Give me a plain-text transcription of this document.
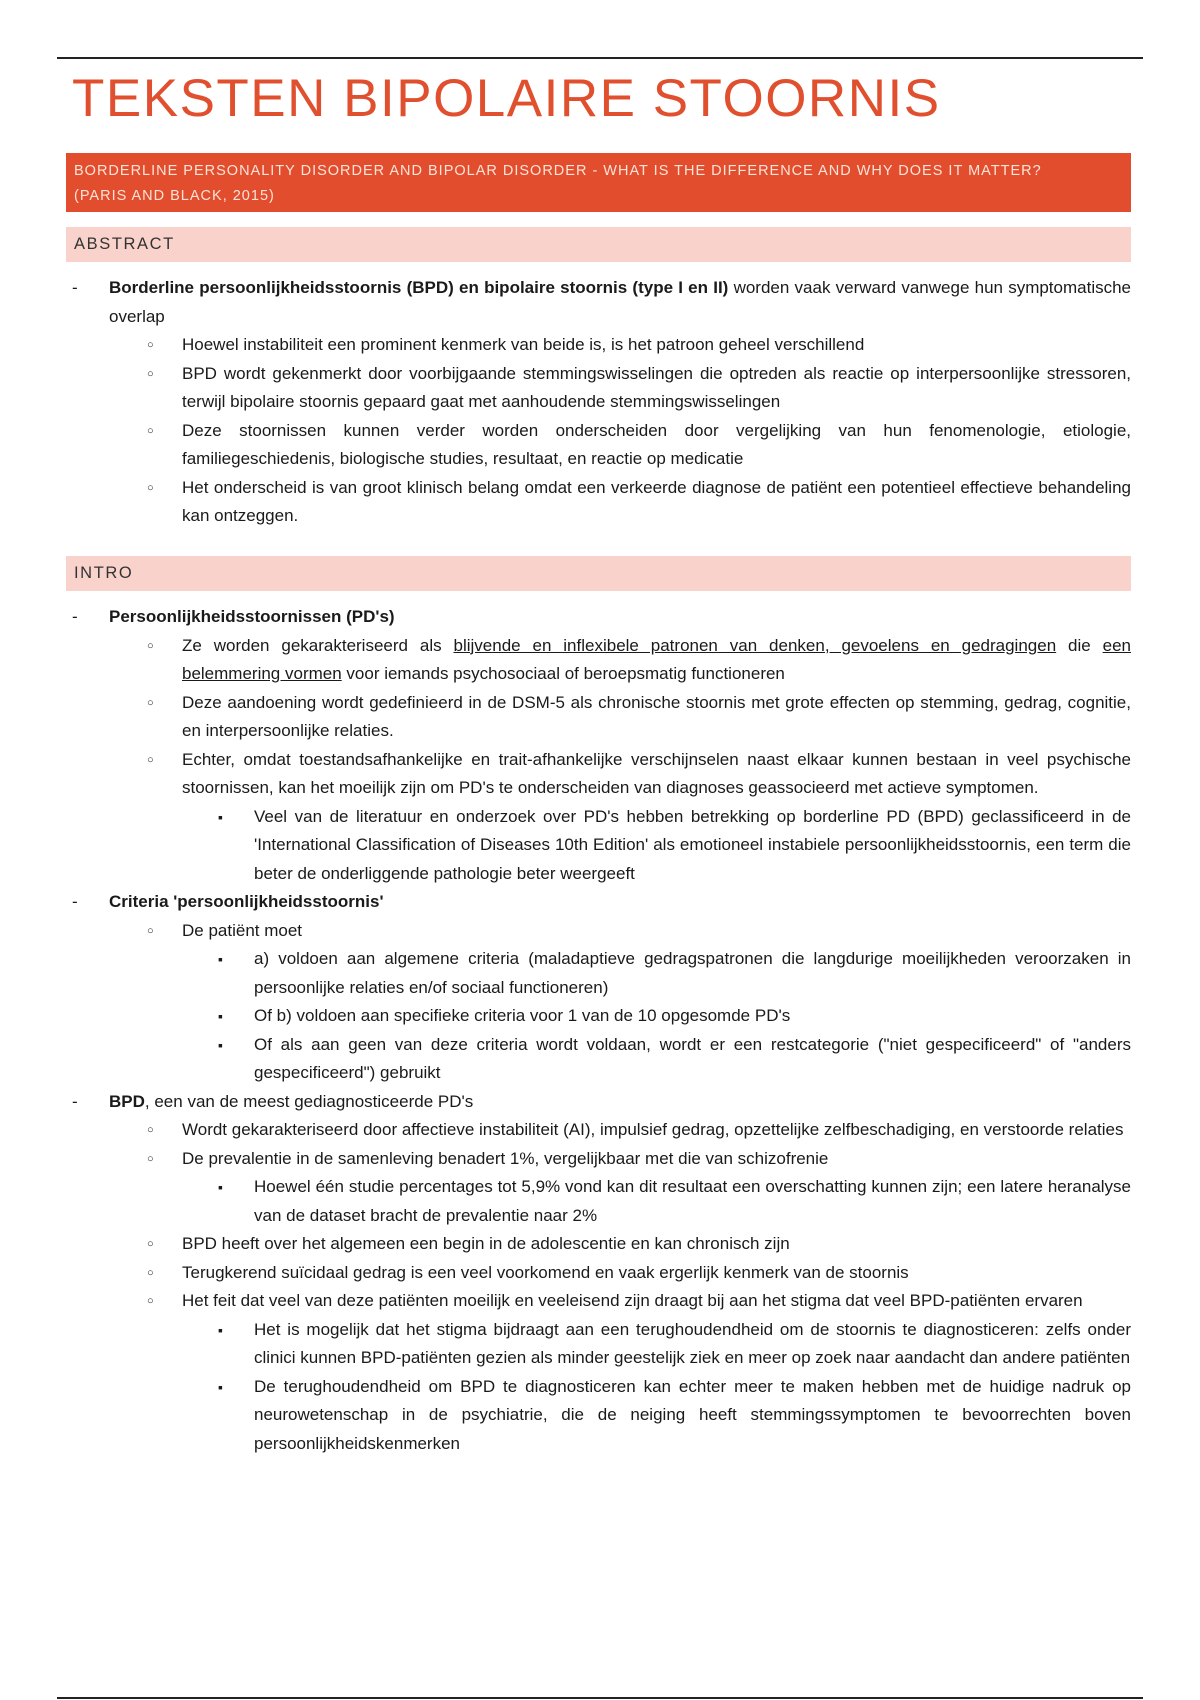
TEKSTEN BIPOLAIRE STOORNIS
BORDERLINE PERSONALITY DISORDER AND BIPOLAR DISORDER - WHAT IS THE DIFFERENCE AND WHY DOES IT MATTER?
(PARIS AND BLACK, 2015)
ABSTRACT
- Borderline persoonlijkheidsstoornis (BPD) en bipolaire stoornis (type I en II) worden vaak verward vanwege hun symptomatische overlap
○ Hoewel instabiliteit een prominent kenmerk van beide is, is het patroon geheel verschillend
○ BPD wordt gekenmerkt door voorbijgaande stemmingswisselingen die optreden als reactie op interpersoonlijke stressoren, terwijl bipolaire stoornis gepaard gaat met aanhoudende stemmingswisselingen
○ Deze stoornissen kunnen verder worden onderscheiden door vergelijking van hun fenomenologie, etiologie, familiegeschiedenis, biologische studies, resultaat, en reactie op medicatie
○ Het onderscheid is van groot klinisch belang omdat een verkeerde diagnose de patiënt een potentieel effectieve behandeling kan ontzeggen.
INTRO
- Persoonlijkheidsstoornissen (PD's)
○ Ze worden gekarakteriseerd als blijvende en inflexibele patronen van denken, gevoelens en gedragingen die een belemmering vormen voor iemands psychosociaal of beroepsmatig functioneren
○ Deze aandoening wordt gedefinieerd in de DSM-5 als chronische stoornis met grote effecten op stemming, gedrag, cognitie, en interpersoonlijke relaties.
○ Echter, omdat toestandsafhankelijke en trait-afhankelijke verschijnselen naast elkaar kunnen bestaan in veel psychische stoornissen, kan het moeilijk zijn om PD's te onderscheiden van diagnoses geassocieerd met actieve symptomen.
▪ Veel van de literatuur en onderzoek over PD's hebben betrekking op borderline PD (BPD) geclassificeerd in de 'International Classification of Diseases 10th Edition' als emotioneel instabiele persoonlijkheidsstoornis, een term die beter de onderliggende pathologie beter weergeeft
- Criteria 'persoonlijkheidsstoornis'
○ De patiënt moet
▪ a) voldoen aan algemene criteria (maladaptieve gedragspatronen die langdurige moeilijkheden veroorzaken in persoonlijke relaties en/of sociaal functioneren)
▪ Of b) voldoen aan specifieke criteria voor 1 van de 10 opgesomde PD's
▪ Of als aan geen van deze criteria wordt voldaan, wordt er een restcategorie ("niet gespecificeerd" of "anders gespecificeerd") gebruikt
- BPD, een van de meest gediagnosticeerde PD's
○ Wordt gekarakteriseerd door affectieve instabiliteit (AI), impulsief gedrag, opzettelijke zelfbeschadiging, en verstoorde relaties
○ De prevalentie in de samenleving benadert 1%, vergelijkbaar met die van schizofrenie
▪ Hoewel één studie percentages tot 5,9% vond kan dit resultaat een overschatting kunnen zijn; een latere heranalyse van de dataset bracht de prevalentie naar 2%
○ BPD heeft over het algemeen een begin in de adolescentie en kan chronisch zijn
○ Terugkerend suïcidaal gedrag is een veel voorkomend en vaak ergerlijk kenmerk van de stoornis
○ Het feit dat veel van deze patiënten moeilijk en veeleisend zijn draagt bij aan het stigma dat veel BPD-patiënten ervaren
▪ Het is mogelijk dat het stigma bijdraagt aan een terughoudendheid om de stoornis te diagnosticeren: zelfs onder clinici kunnen BPD-patiënten gezien als minder geestelijk ziek en meer op zoek naar aandacht dan andere patiënten
▪ De terughoudendheid om BPD te diagnosticeren kan echter meer te maken hebben met de huidige nadruk op neurowetenschap in de psychiatrie, die de neiging heeft stemmingssymptomen te bevoorrechten boven persoonlijkheidskenmerken
